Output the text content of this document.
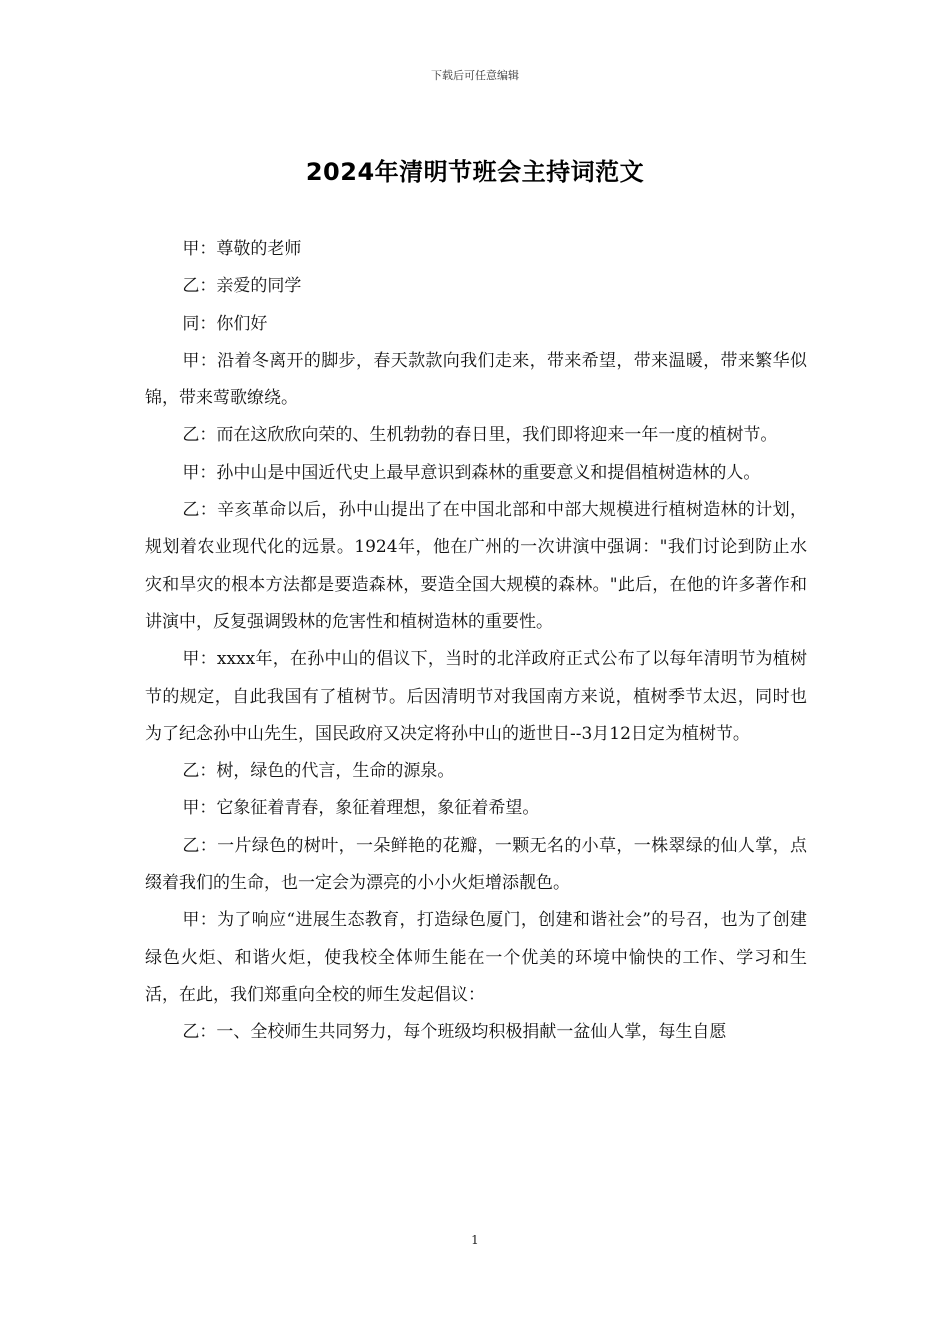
下载后可任意编辑
2024年清明节班会主持词范文

甲：尊敬的老师

乙：亲爱的同学

同：你们好

甲：沿着冬离开的脚步，春天款款向我们走来，带来希望，带来温暖，带来繁华似锦，带来莺歌缭绕。

乙：而在这欣欣向荣的、生机勃勃的春日里，我们即将迎来一年一度的植树节。

甲：孙中山是中国近代史上最早意识到森林的重要意义和提倡植树造林的人。

乙：辛亥革命以后，孙中山提出了在中国北部和中部大规模进行植树造林的计划，规划着农业现代化的远景。1924年，他在广州的一次讲演中强调："我们讨论到防止水灾和旱灾的根本方法都是要造森林，要造全国大规模的森林。"此后，在他的许多著作和讲演中，反复强调毁林的危害性和植树造林的重要性。

甲：xxxx年，在孙中山的倡议下，当时的北洋政府正式公布了以每年清明节为植树节的规定，自此我国有了植树节。后因清明节对我国南方来说，植树季节太迟，同时也为了纪念孙中山先生，国民政府又决定将孙中山的逝世日--3月12日定为植树节。

乙：树，绿色的代言，生命的源泉。

甲：它象征着青春，象征着理想，象征着希望。

乙：一片绿色的树叶，一朵鲜艳的花瓣，一颗无名的小草，一株翠绿的仙人掌，点缀着我们的生命，也一定会为漂亮的小小火炬增添靓色。

甲：为了响应“进展生态教育，打造绿色厦门，创建和谐社会”的号召，也为了创建绿色火炬、和谐火炬，使我校全体师生能在一个优美的环境中愉快的工作、学习和生活，在此，我们郑重向全校的师生发起倡议：

乙：一、全校师生共同努力，每个班级均积极捐献一盆仙人掌，每生自愿

1
